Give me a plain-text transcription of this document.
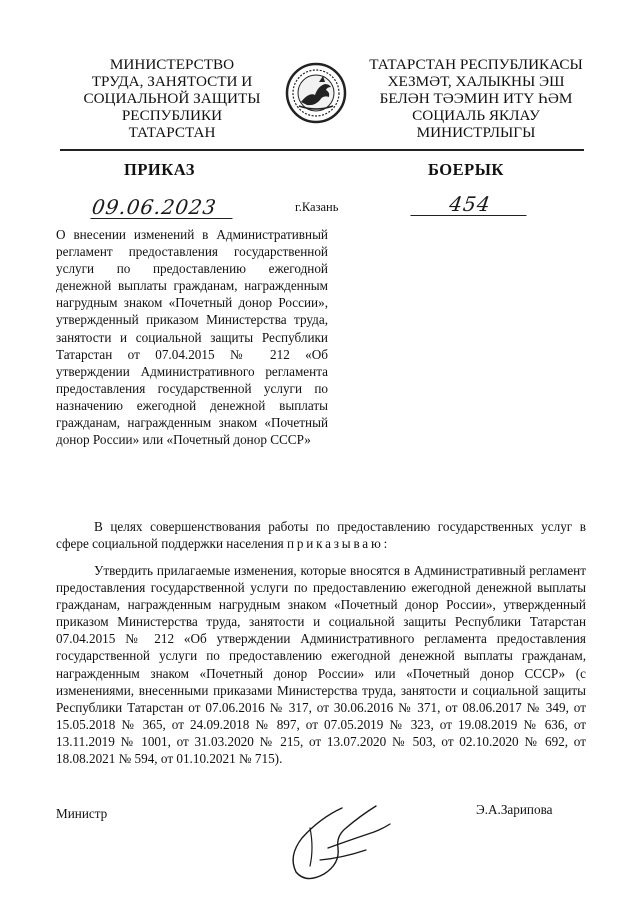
МИНИСТЕРСТВО
ТРУДА, ЗАНЯТОСТИ И
СОЦИАЛЬНОЙ ЗАЩИТЫ
РЕСПУБЛИКИ
ТАТАРСТАН
ТАТАРСТАН РЕСПУБЛИКАСЫ
ХЕЗМӘТ, ХАЛЫКНЫ ЭШ
БЕЛӘН ТӘЭМИН ИТҮ ҺӘМ
СОЦИАЛЬ ЯКЛАУ
МИНИСТРЛЫГЫ
ПРИКАЗ	БОЕРЫК
09.06.2023	г.Казань	454
О внесении изменений в Административный регламент предоставления государственной услуги по предоставлению ежегодной денежной выплаты гражданам, награжденным нагрудным знаком «Почетный донор России», утвержденный приказом Министерства труда, занятости и социальной защиты Республики Татарстан от 07.04.2015 № 212 «Об утверждении Административного регламента предоставления государственной услуги по назначению ежегодной денежной выплаты гражданам, награжденным знаком «Почетный донор России» или «Почетный донор СССР»
В целях совершенствования работы по предоставлению государственных услуг в сфере социальной поддержки населения приказываю:
Утвердить прилагаемые изменения, которые вносятся в Административный регламент предоставления государственной услуги по предоставлению ежегодной денежной выплаты гражданам, награжденным нагрудным знаком «Почетный донор России», утвержденный приказом Министерства труда, занятости и социальной защиты Республики Татарстан 07.04.2015 № 212 «Об утверждении Административного регламента предоставления государственной услуги по предоставлению ежегодной денежной выплаты гражданам, награжденным знаком «Почетный донор России» или «Почетный донор СССР» (с изменениями, внесенными приказами Министерства труда, занятости и социальной защиты Республики Татарстан от 07.06.2016 № 317, от 30.06.2016 № 371, от 08.06.2017 № 349, от 15.05.2018 № 365, от 24.09.2018 № 897, от 07.05.2019 № 323, от 19.08.2019 № 636, от 13.11.2019 № 1001, от 31.03.2020 № 215, от 13.07.2020 № 503, от 02.10.2020 № 692, от 18.08.2021 № 594, от 01.10.2021 № 715).
Министр	Э.А.Зарипова
